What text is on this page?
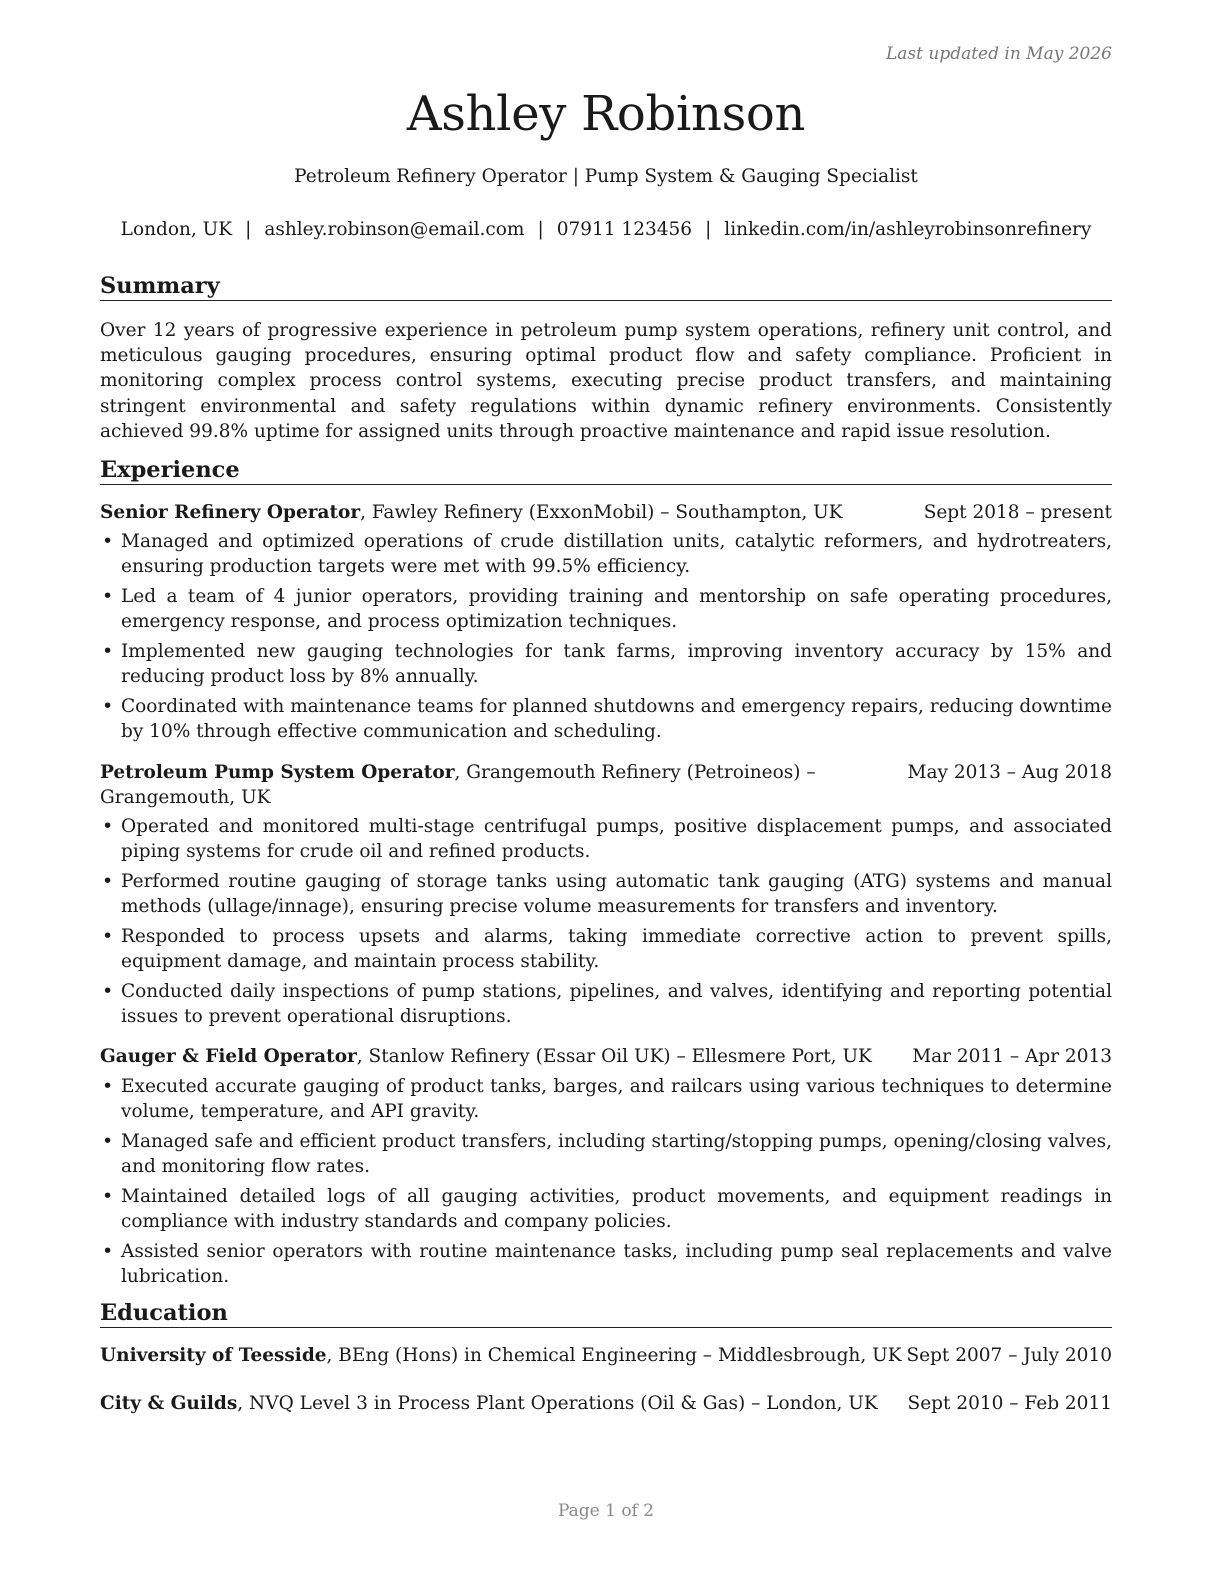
Last updated in May 2026
Ashley Robinson
Petroleum Refinery Operator | Pump System & Gauging Specialist
London, UK | ashley.robinson@email.com | 07911 123456 | linkedin.com/in/ashleyrobinsonrefinery
Summary

Over 12 years of progressive experience in petroleum pump system operations, refinery unit control, and meticulous gauging procedures, ensuring optimal product flow and safety compliance. Proficient in monitoring complex process control systems, executing precise product transfers, and maintaining stringent environmental and safety regulations within dynamic refinery environments. Consistently achieved 99.8% uptime for assigned units through proactive maintenance and rapid issue resolution.

Experience
Senior Refinery Operator, Fawley Refinery (ExxonMobil) – Southampton, UK	Sept 2018 – present
• Managed and optimized operations of crude distillation units, catalytic reformers, and hydrotreaters, ensuring production targets were met with 99.5% efficiency.
• Led a team of 4 junior operators, providing training and mentorship on safe operating procedures, emergency response, and process optimization techniques.
• Implemented new gauging technologies for tank farms, improving inventory accuracy by 15% and reducing product loss by 8% annually.
• Coordinated with maintenance teams for planned shutdowns and emergency repairs, reducing downtime by 10% through effective communication and scheduling.
Petroleum Pump System Operator, Grangemouth Refinery (Petroineos) – Grangemouth, UK
May 2013 – Aug 2018
• Operated and monitored multi-stage centrifugal pumps, positive displacement pumps, and associated piping systems for crude oil and refined products.
• Performed routine gauging of storage tanks using automatic tank gauging (ATG) systems and manual methods (ullage/innage), ensuring precise volume measurements for transfers and inventory.
• Responded to process upsets and alarms, taking immediate corrective action to prevent spills, equipment damage, and maintain process stability.
• Conducted daily inspections of pump stations, pipelines, and valves, identifying and reporting potential issues to prevent operational disruptions.
Gauger & Field Operator, Stanlow Refinery (Essar Oil UK) – Ellesmere Port, UK	Mar 2011 – Apr 2013
• Executed accurate gauging of product tanks, barges, and railcars using various techniques to determine volume, temperature, and API gravity.
• Managed safe and efficient product transfers, including starting/stopping pumps, opening/closing valves, and monitoring flow rates.
• Maintained detailed logs of all gauging activities, product movements, and equipment readings in compliance with industry standards and company policies.
• Assisted senior operators with routine maintenance tasks, including pump seal replacements and valve lubrication.
Education
University of Teesside, BEng (Hons) in Chemical Engineering – Middlesbrough, UK Sept 2007 – July 2010
City & Guilds, NVQ Level 3 in Process Plant Operations (Oil & Gas) – London, UK Sept 2010 – Feb 2011
Page 1 of 2
